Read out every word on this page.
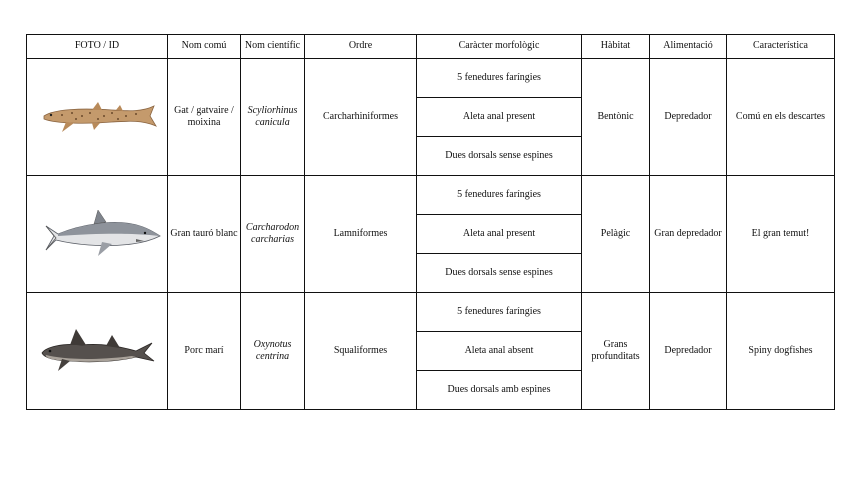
FOTO / ID	Nom comú	Nom científic	Ordre	Caràcter morfològic	Hàbitat	Alimentació	Característica

	Gat / gatvaire / moixina	Scyliorhinus canicula	Carcharhiniformes	5 fenedures faríngies	Bentònic	Depredador	Comú en els descartes
				Aleta anal present			
				Dues dorsals sense espines			

	Gran tauró blanc	Carcharodon carcharias	Lamniformes	5 fenedures faríngies	Pelàgic	Gran depredador	El gran temut!
				Aleta anal present			
				Dues dorsals sense espines			

	Porc marí	Oxynotus centrina	Squaliformes	5 fenedures faríngies	Grans profunditats	Depredador	Spiny dogfishes
				Aleta anal absent			
				Dues dorsals amb espines			
